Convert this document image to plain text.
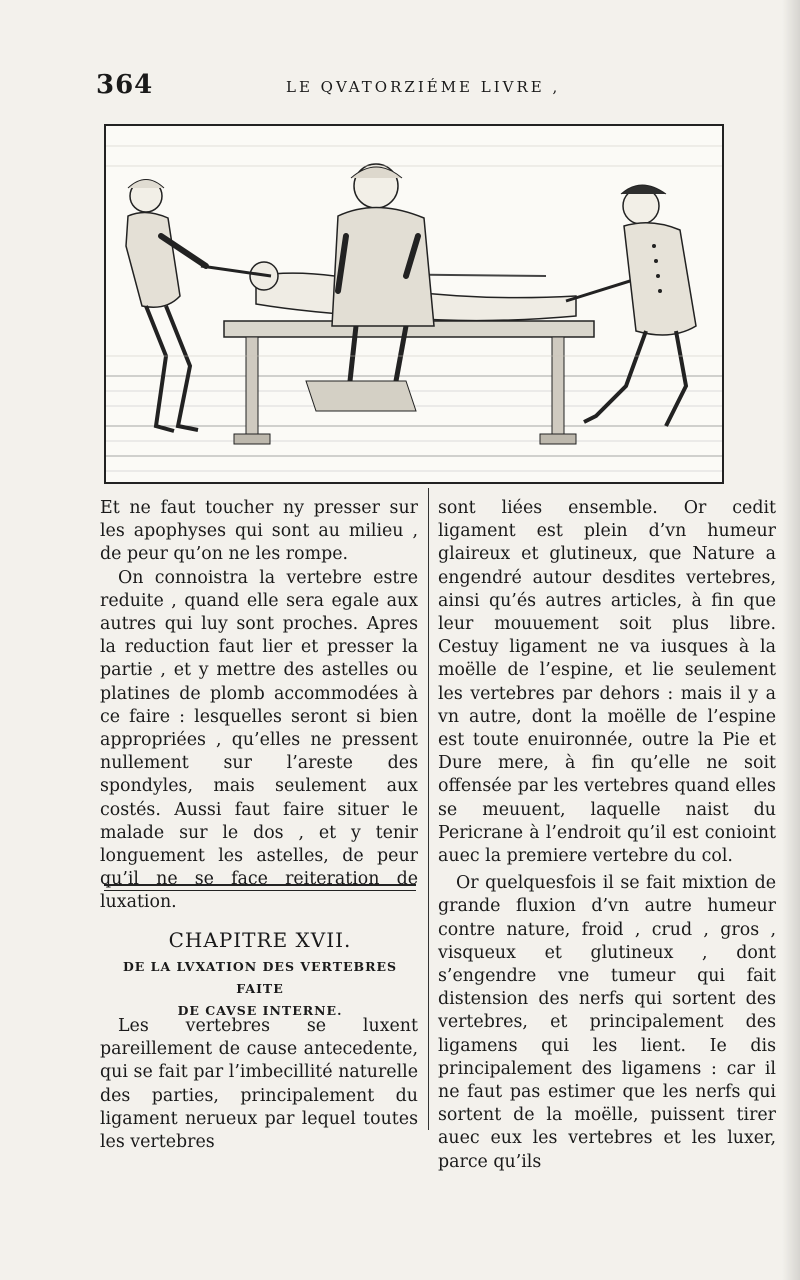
364	LE QVATORZIÉME LIVRE ,

Et ne faut toucher ny presser sur les apophyses qui sont au milieu , de peur qu’on ne les rompe.

On connoistra la vertebre estre reduite , quand elle sera egale aux autres qui luy sont proches. Apres la reduction faut lier et presser la partie , et y mettre des astelles ou platines de plomb accommodées à ce faire : lesquelles seront si bien appropriées , qu’elles ne pressent nullement sur l’areste des spondyles, mais seulement aux costés. Aussi faut faire situer le malade sur le dos , et y tenir longuement les astelles, de peur qu’il ne se face reiteration de luxation.

CHAPITRE XVII.
DE LA LVXATION DES VERTEBRES FAITE
DE CAVSE INTERNE.

Les vertebres se luxent pareillement de cause antecedente, qui se fait par l’imbecillité naturelle des parties, principalement du ligament nerueux par lequel toutes les vertebres

sont liées ensemble. Or cedit ligament est plein d’vn humeur glaireux et glutineux, que Nature a engendré autour desdites vertebres, ainsi qu’és autres articles, à fin que leur mouuement soit plus libre. Cestuy ligament ne va iusques à la moëlle de l’espine, et lie seulement les vertebres par dehors : mais il y a vn autre, dont la moëlle de l’espine est toute enuironnée, outre la Pie et Dure mere, à fin qu’elle ne soit offensée par les vertebres quand elles se meuuent, laquelle naist du Pericrane à l’endroit qu’il est conioint auec la premiere vertebre du col.

Or quelquesfois il se fait mixtion de grande fluxion d’vn autre humeur contre nature, froid , crud , gros , visqueux et glutineux , dont s’engendre vne tumeur qui fait distension des nerfs qui sortent des vertebres, et principalement des ligamens qui les lient. Ie dis principalement des ligamens : car il ne faut pas estimer que les nerfs qui sortent de la moëlle, puissent tirer auec eux les vertebres et les luxer, parce qu’ils
